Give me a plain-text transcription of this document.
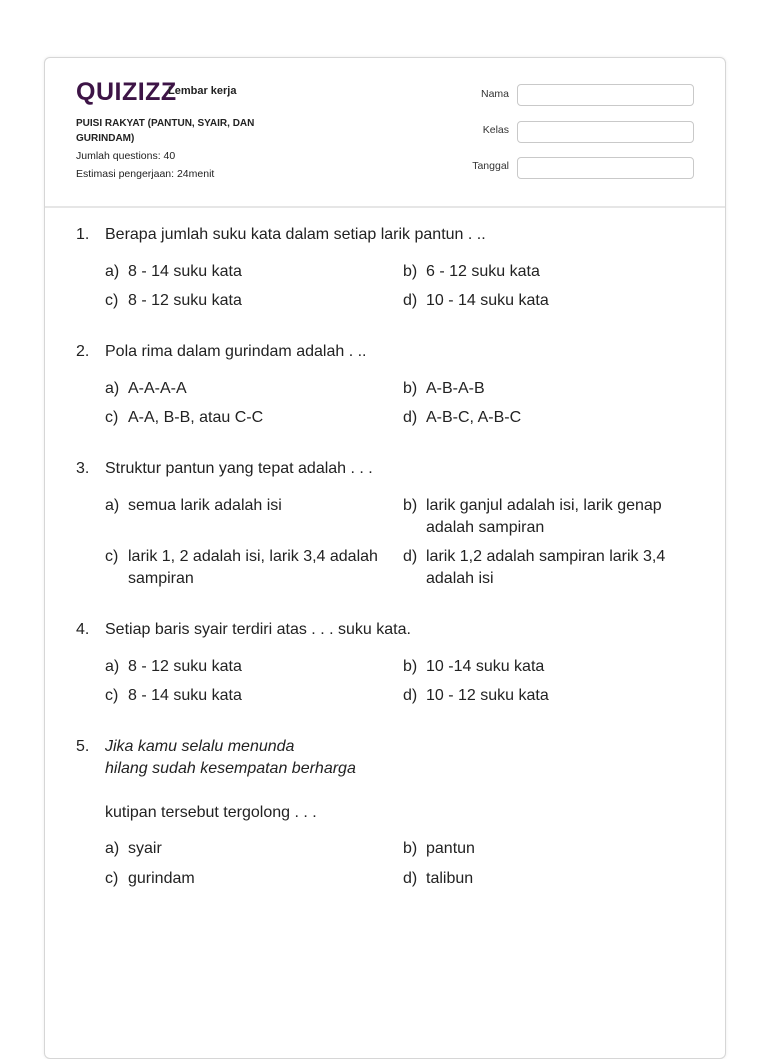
QUIZIZZ
Lembar kerja
PUISI RAKYAT (PANTUN, SYAIR, DAN GURINDAM)
Jumlah questions: 40
Estimasi pengerjaan: 24menit
Nama
Kelas
Tanggal
1. Berapa jumlah suku kata dalam setiap larik pantun . ..
a) 8 - 14 suku kata	b) 6 - 12 suku kata
c) 8 - 12 suku kata	d) 10 - 14 suku kata
2. Pola rima dalam gurindam adalah . ..
a) A-A-A-A	b) A-B-A-B
c) A-A, B-B, atau C-C	d) A-B-C, A-B-C
3. Struktur pantun yang tepat adalah . . .
a) semua larik adalah isi	b) larik ganjul adalah isi, larik genap adalah sampiran
c) larik 1, 2 adalah isi, larik 3,4 adalah sampiran
d) larik 1,2 adalah sampiran larik 3,4 adalah isi
4. Setiap baris syair terdiri atas . . . suku kata.
a) 8 - 12 suku kata	b) 10 -14 suku kata
c) 8 - 14 suku kata	d) 10 - 12 suku kata
5. Jika kamu selalu menunda
hilang sudah kesempatan berharga
kutipan tersebut tergolong . . .
a) syair	b) pantun
c) gurindam	d) talibun
